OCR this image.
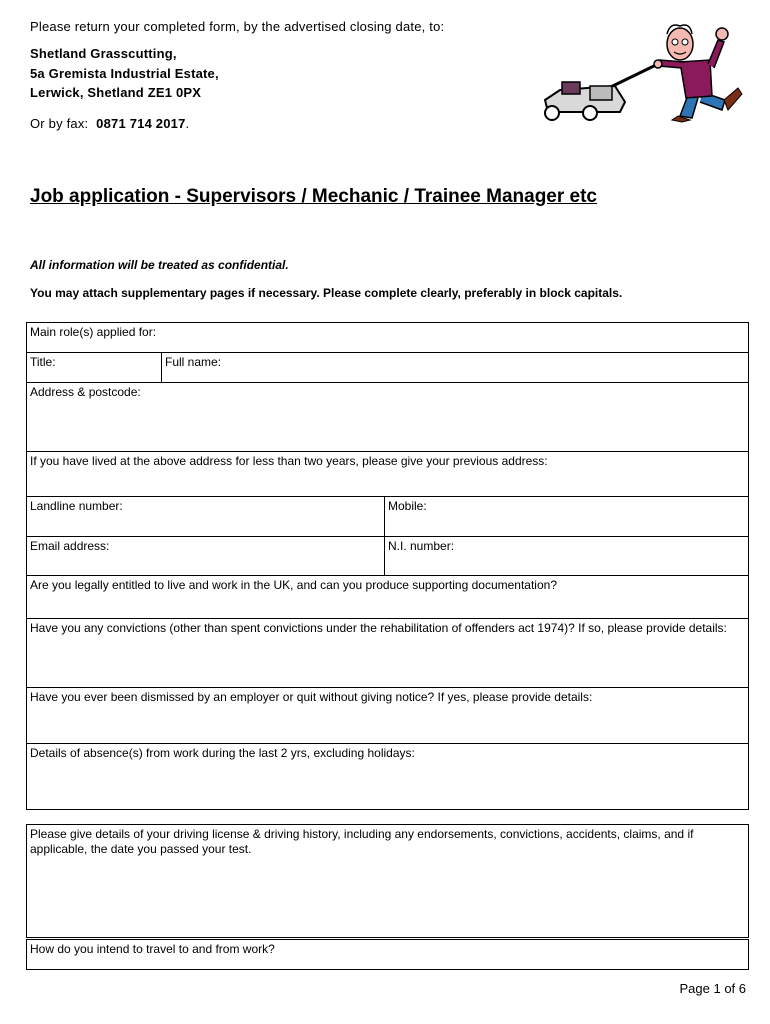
Please return your completed form, by the advertised closing date, to:
Shetland Grasscutting,
5a Gremista Industrial Estate,
Lerwick, Shetland ZE1 0PX
Or by fax: 0871 714 2017.
Job application - Supervisors / Mechanic / Trainee Manager etc
All information will be treated as confidential.
You may attach supplementary pages if necessary. Please complete clearly, preferably in block capitals.
Main role(s) applied for:
Title:	Full name:
Address & postcode:
If you have lived at the above address for less than two years, please give your previous address:
Landline number:	Mobile:
Email address:	N.I. number:
Are you legally entitled to live and work in the UK, and can you produce supporting documentation?
Have you any convictions (other than spent convictions under the rehabilitation of offenders act 1974)? If so, please provide details:
Have you ever been dismissed by an employer or quit without giving notice? If yes, please provide details:
Details of absence(s) from work during the last 2 yrs, excluding holidays:
Please give details of your driving license & driving history, including any endorsements, convictions, accidents, claims, and if applicable, the date you passed your test.
How do you intend to travel to and from work?
Page 1 of 6
